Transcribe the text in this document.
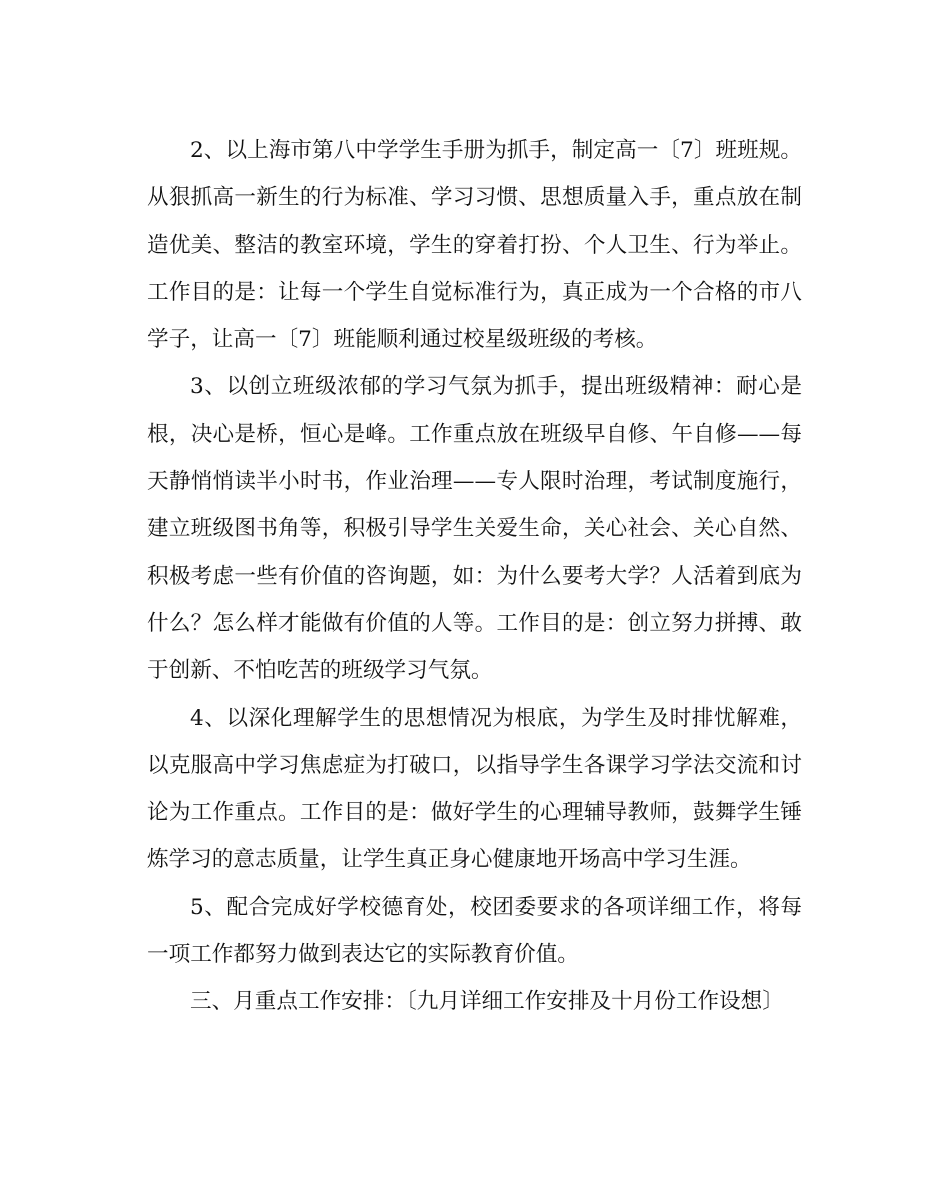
2、以上海市第八中学学生手册为抓手，制定高一〔7〕班班规。从狠抓高一新生的行为标准、学习习惯、思想质量入手，重点放在制造优美、整洁的教室环境，学生的穿着打扮、个人卫生、行为举止。工作目的是：让每一个学生自觉标准行为，真正成为一个合格的市八学子，让高一〔7〕班能顺利通过校星级班级的考核。

3、以创立班级浓郁的学习气氛为抓手，提出班级精神：耐心是根，决心是桥，恒心是峰。工作重点放在班级早自修、午自修——每天静悄悄读半小时书，作业治理——专人限时治理，考试制度施行，建立班级图书角等，积极引导学生关爱生命，关心社会、关心自然、积极考虑一些有价值的咨询题，如：为什么要考大学？人活着到底为什么？怎么样才能做有价值的人等。工作目的是：创立努力拼搏、敢于创新、不怕吃苦的班级学习气氛。

4、以深化理解学生的思想情况为根底，为学生及时排忧解难，以克服高中学习焦虑症为打破口，以指导学生各课学习学法交流和讨论为工作重点。工作目的是：做好学生的心理辅导教师，鼓舞学生锤炼学习的意志质量，让学生真正身心健康地开场高中学习生涯。

5、配合完成好学校德育处，校团委要求的各项详细工作，将每一项工作都努力做到表达它的实际教育价值。

三、月重点工作安排：〔九月详细工作安排及十月份工作设想〕
